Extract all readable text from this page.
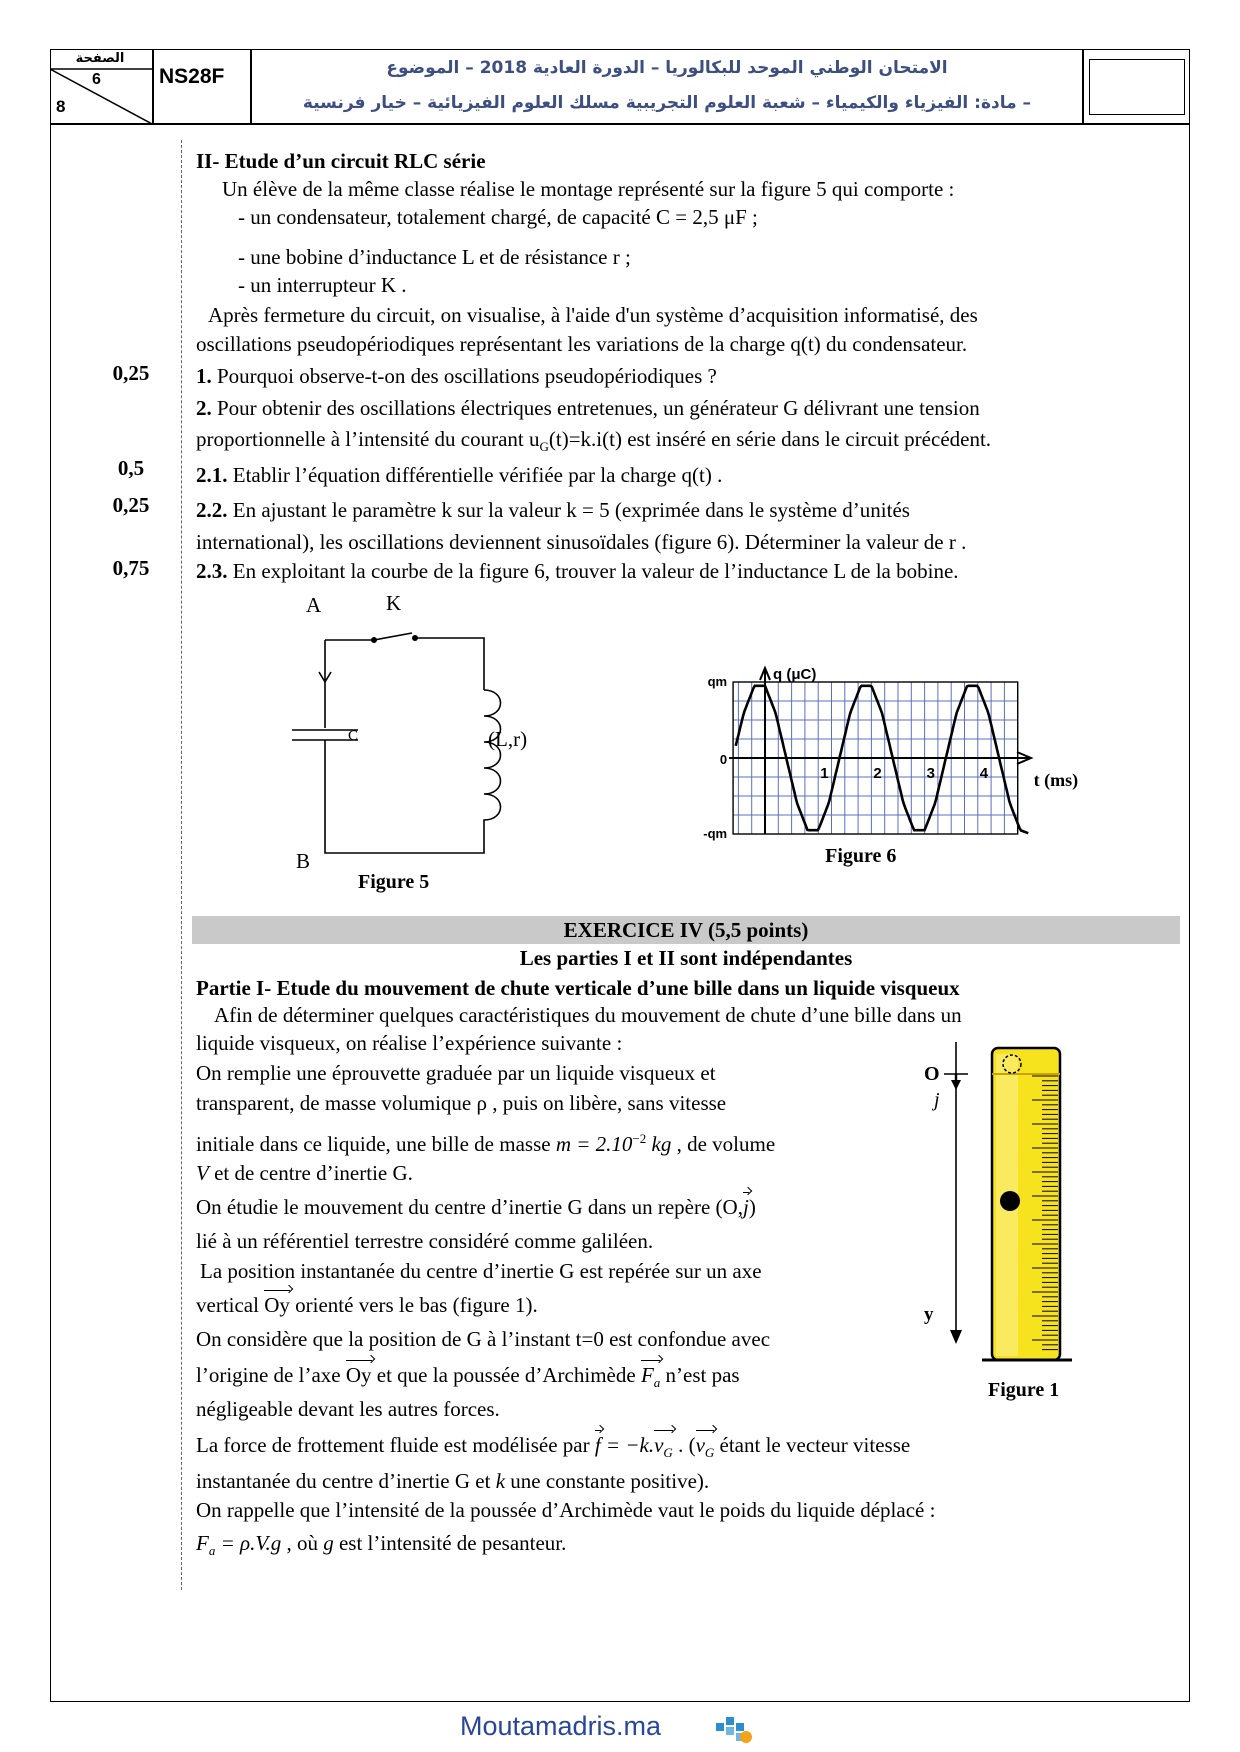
الصفحة
6
8
NS28F	الامتحان الوطني الموحد للبكالوريا – الدورة العادية 2018 – الموضوع
– مادة: الفيزياء والكيمياء – شعبة العلوم التجريبية مسلك العلوم الفيزيائية – خيار فرنسية
0,25
0,5
0,25
0,75
II- Etude d’un circuit RLC série
Un élève de la même classe réalise le montage représenté sur la figure 5 qui comporte :
- un condensateur, totalement chargé, de capacité C = 2,5 μF ;
- une bobine d’inductance L et de résistance r ;
- un interrupteur K .
Après fermeture du circuit, on visualise, à l'aide d'un système d’acquisition informatisé, des
oscillations pseudopériodiques représentant les variations de la charge q(t) du condensateur.
1. Pourquoi observe-t-on des oscillations pseudopériodiques ?
2. Pour obtenir des oscillations électriques entretenues, un générateur G délivrant une tension
proportionnelle à l’intensité du courant $u_G(t)=k.i(t)$ est inséré en série dans le circuit précédent.
2.1. Etablir l’équation différentielle vérifiée par la charge q(t) .
2.2. En ajustant le paramètre k sur la valeur k = 5 (exprimée dans le système d’unités
international), les oscillations deviennent sinusoïdales (figure 6). Déterminer la valeur de r .
2.3. En exploitant la courbe de la figure 6, trouver la valeur de l’inductance L de la bobine.
A	K
C	(L,r)
B
Figure 5
q (μC)
t (ms)
qm
0
-qm
1	2	3	4
Figure 6
EXERCICE IV (5,5 points)
Les parties I et II sont indépendantes
Partie I- Etude du mouvement de chute verticale d’une bille dans un liquide visqueux
Afin de déterminer quelques caractéristiques du mouvement de chute d’une bille dans un
liquide visqueux, on réalise l’expérience suivante :
On remplie une éprouvette graduée par un liquide visqueux et
transparent, de masse volumique ρ , puis on libère, sans vitesse
initiale dans ce liquide, une bille de masse $m = 2.10^{-2}$ kg , de volume
V et de centre d’inertie G.
On étudie le mouvement du centre d’inertie G dans un repère (O,j)
lié à un référentiel terrestre considéré comme galiléen.
La position instantanée du centre d’inertie G est repérée sur un axe
vertical Oy orienté vers le bas (figure 1).
On considère que la position de G à l’instant t=0 est confondue avec
l’origine de l’axe Oy et que la poussée d’Archimède $F_a$ n’est pas
négligeable devant les autres forces.
La force de frottement fluide est modélisée par $f = -k.v_G$ . ($v_G$ étant le vecteur vitesse
instantanée du centre d’inertie G et k une constante positive).
On rappelle que l’intensité de la poussée d’Archimède vaut le poids du liquide déplacé :
$F_a = \rho.V.g$ , où g est l’intensité de pesanteur.
O
j
y
Figure 1
Moutamadris.ma
